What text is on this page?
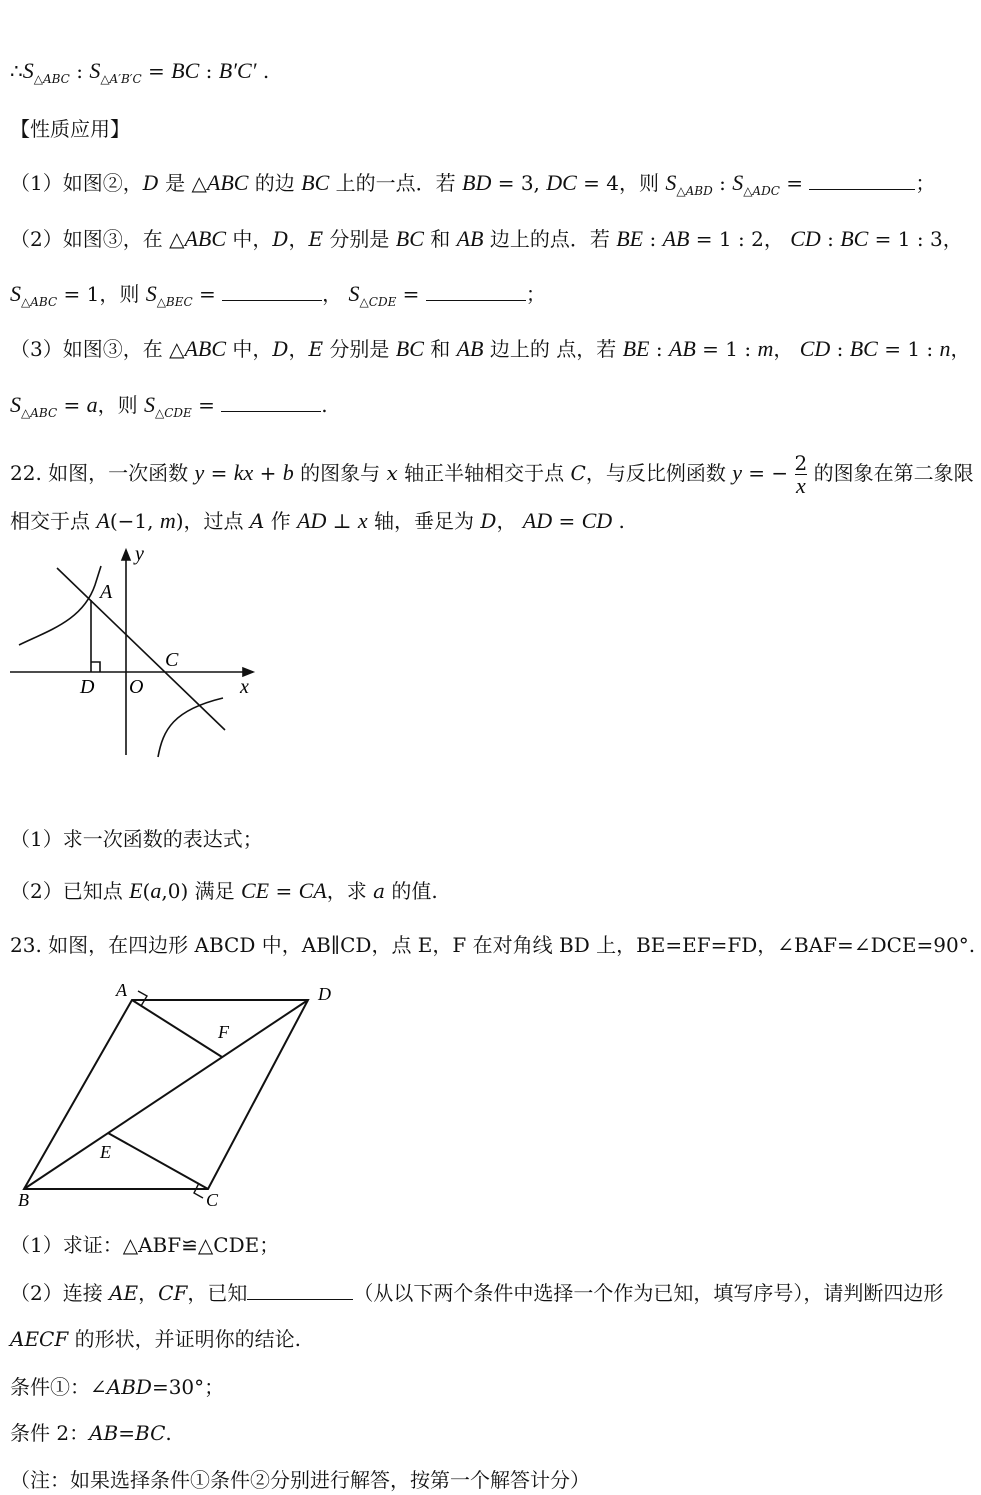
$\therefore S_{\triangle ABC}$ : $S_{\triangle A'B'C}$ = BC : B′C′ .
【性质应用】
（1）如图②，D 是 △ABC 的边 BC 上的一点．若 BD = 3, DC = 4，则 $S_{\triangle ABD}$ : $S_{\triangle ADC}$ =	；
（2）如图③，在 △ABC 中，D，E 分别是 BC 和 AB 边上的点．若 BE : AB = 1 : 2， CD : BC = 1 : 3，
$S_{\triangle ABC} = 1$，则 $S_{\triangle BEC}$ =	， $S_{\triangle CDE}$ =	；
（3）如图③，在 △ABC 中，D，E 分别是 BC 和 AB 边上的 点，若 BE : AB = 1 : m， CD : BC = 1 : n，
$S_{\triangle ABC} = a$，则 $S_{\triangle CDE}$ =	.
22. 如图，一次函数 y = kx + b 的图象与 x 轴正半轴相交于点 C，与反比例函数 y = − $\frac{2}{x}$ 的图象在第二象限
相交于点 A(−1, m)，过点 A 作 AD ⊥ x 轴，垂足为 D， AD = CD .
y
A
C
D O	x
（1）求一次函数的表达式；
（2）已知点 E(a,0) 满足 CE = CA，求 a 的值.
23. 如图，在四边形 ABCD 中，AB∥CD，点 E，F 在对角线 BD 上，BE=EF=FD，∠BAF=∠DCE=90°.
A	D
F
E
B	C
（1）求证：△ABF≌△CDE；
（2）连接 AE，CF，已知	（从以下两个条件中选择一个作为已知，填写序号），请判断四边形
AECF 的形状，并证明你的结论.
条件①：∠ABD=30°；
条件 2：AB=BC.
（注：如果选择条件①条件②分别进行解答，按第一个解答计分）
